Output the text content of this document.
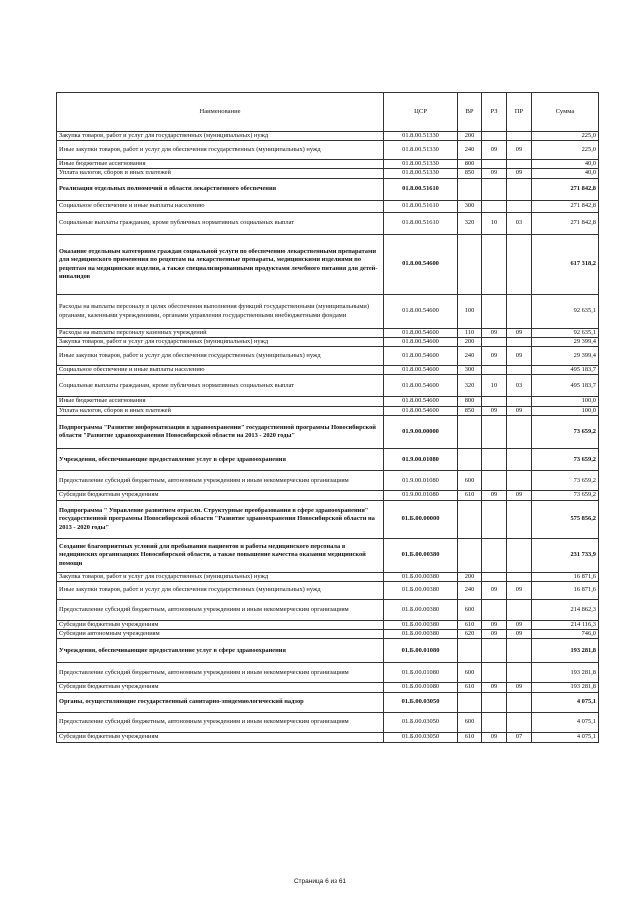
Наименование	ЦСР	ВР	РЗ	ПР	Сумма
Закупка товаров, работ и услуг для государственных (муниципальных) нужд	01.8.00.51330	200			225,0
Иные закупки товаров, работ и услуг для обеспечения государственных (муниципальных) нужд	01.8.00.51330	240	09	09	225,0
Иные бюджетные ассигнования	01.8.00.51330	800			40,0
Уплата налогов, сборов и иных платежей	01.8.00.51330	850	09	09	40,0
Реализация отдельных полномочий в области лекарственного обеспечения	01.8.00.51610				271 842,8
Социальное обеспечение и иные выплаты населению	01.8.00.51610	300			271 842,8
Социальные выплаты гражданам, кроме публичных нормативных социальных выплат	01.8.00.51610	320	10	03	271 842,8
Оказание отдельным категориям граждан социальной услуги по обеспечению лекарственными препаратами для медицинского применения по рецептам на лекарственные препараты, медицинскими изделиями по рецептам на медицинские изделия, а также специализированными продуктами лечебного питания для детей-инвалидов	01.8.00.54600				617 318,2
Расходы на выплаты персоналу в целях обеспечения выполнения функций государственными (муниципальными) органами, казенными учреждениями, органами управления государственными внебюджетными фондами	01.8.00.54600	100			92 635,1
Расходы на выплаты персоналу казенных учреждений	01.8.00.54600	110	09	09	92 635,1
Закупка товаров, работ и услуг для государственных (муниципальных) нужд	01.8.00.54600	200			29 399,4
Иные закупки товаров, работ и услуг для обеспечения государственных (муниципальных) нужд	01.8.00.54600	240	09	09	29 399,4
Социальное обеспечение и иные выплаты населению	01.8.00.54600	300			495 183,7
Социальные выплаты гражданам, кроме публичных нормативных социальных выплат	01.8.00.54600	320	10	03	495 183,7
Иные бюджетные ассигнования	01.8.00.54600	800			100,0
Уплата налогов, сборов и иных платежей	01.8.00.54600	850	09	09	100,0
Подпрограмма "Развитие информатизации в здравоохранении" государственной программы Новосибирской области "Развитие здравоохранения Новосибирской области на 2013 - 2020 годы"	01.9.00.00000				73 659,2
Учреждения, обеспечивающие предоставление услуг в сфере здравоохранения	01.9.00.01080				73 659,2
Предоставление субсидий бюджетным, автономным учреждениям и иным некоммерческим организациям	01.9.00.01080	600			73 659,2
Субсидии бюджетным учреждениям	01.9.00.01080	610	09	09	73 659,2
Подпрограмма " Управление развитием отрасли. Структурные преобразования в сфере здравоохранения" государственной программы Новосибирской области "Развитие здравоохранения Новосибирской области на 2013 - 2020 годы"	01.Б.00.00000				575 856,2
Создание благоприятных условий для пребывания пациентов и работы медицинского персонала в медицинских организациях Новосибирской области, а также повышение качества оказания медицинской помощи	01.Б.00.00380				231 733,9
Закупка товаров, работ и услуг для государственных (муниципальных) нужд	01.Б.00.00380	200			16 871,6
Иные закупки товаров, работ и услуг для обеспечения государственных (муниципальных) нужд	01.Б.00.00380	240	09	09	16 871,6
Предоставление субсидий бюджетным, автономным учреждениям и иным некоммерческим организациям	01.Б.00.00380	600			214 862,3
Субсидии бюджетным учреждениям	01.Б.00.00380	610	09	09	214 116,3
Субсидии автономным учреждениям	01.Б.00.00380	620	09	09	746,0
Учреждения, обеспечивающие предоставление услуг в сфере здравоохранения	01.Б.00.01080				193 281,8
Предоставление субсидий бюджетным, автономным учреждениям и иным некоммерческим организациям	01.Б.00.01080	600			193 281,8
Субсидии бюджетным учреждениям	01.Б.00.01080	610	09	09	193 281,8
Органы, осуществляющие государственный санитарно-эпидемиологический надзор	01.Б.00.03050				4 075,1
Предоставление субсидий бюджетным, автономным учреждениям и иным некоммерческим организациям	01.Б.00.03050	600			4 075,1
Субсидии бюджетным учреждениям	01.Б.00.03050	610	09	07	4 075,1
Страница 6 из 61
